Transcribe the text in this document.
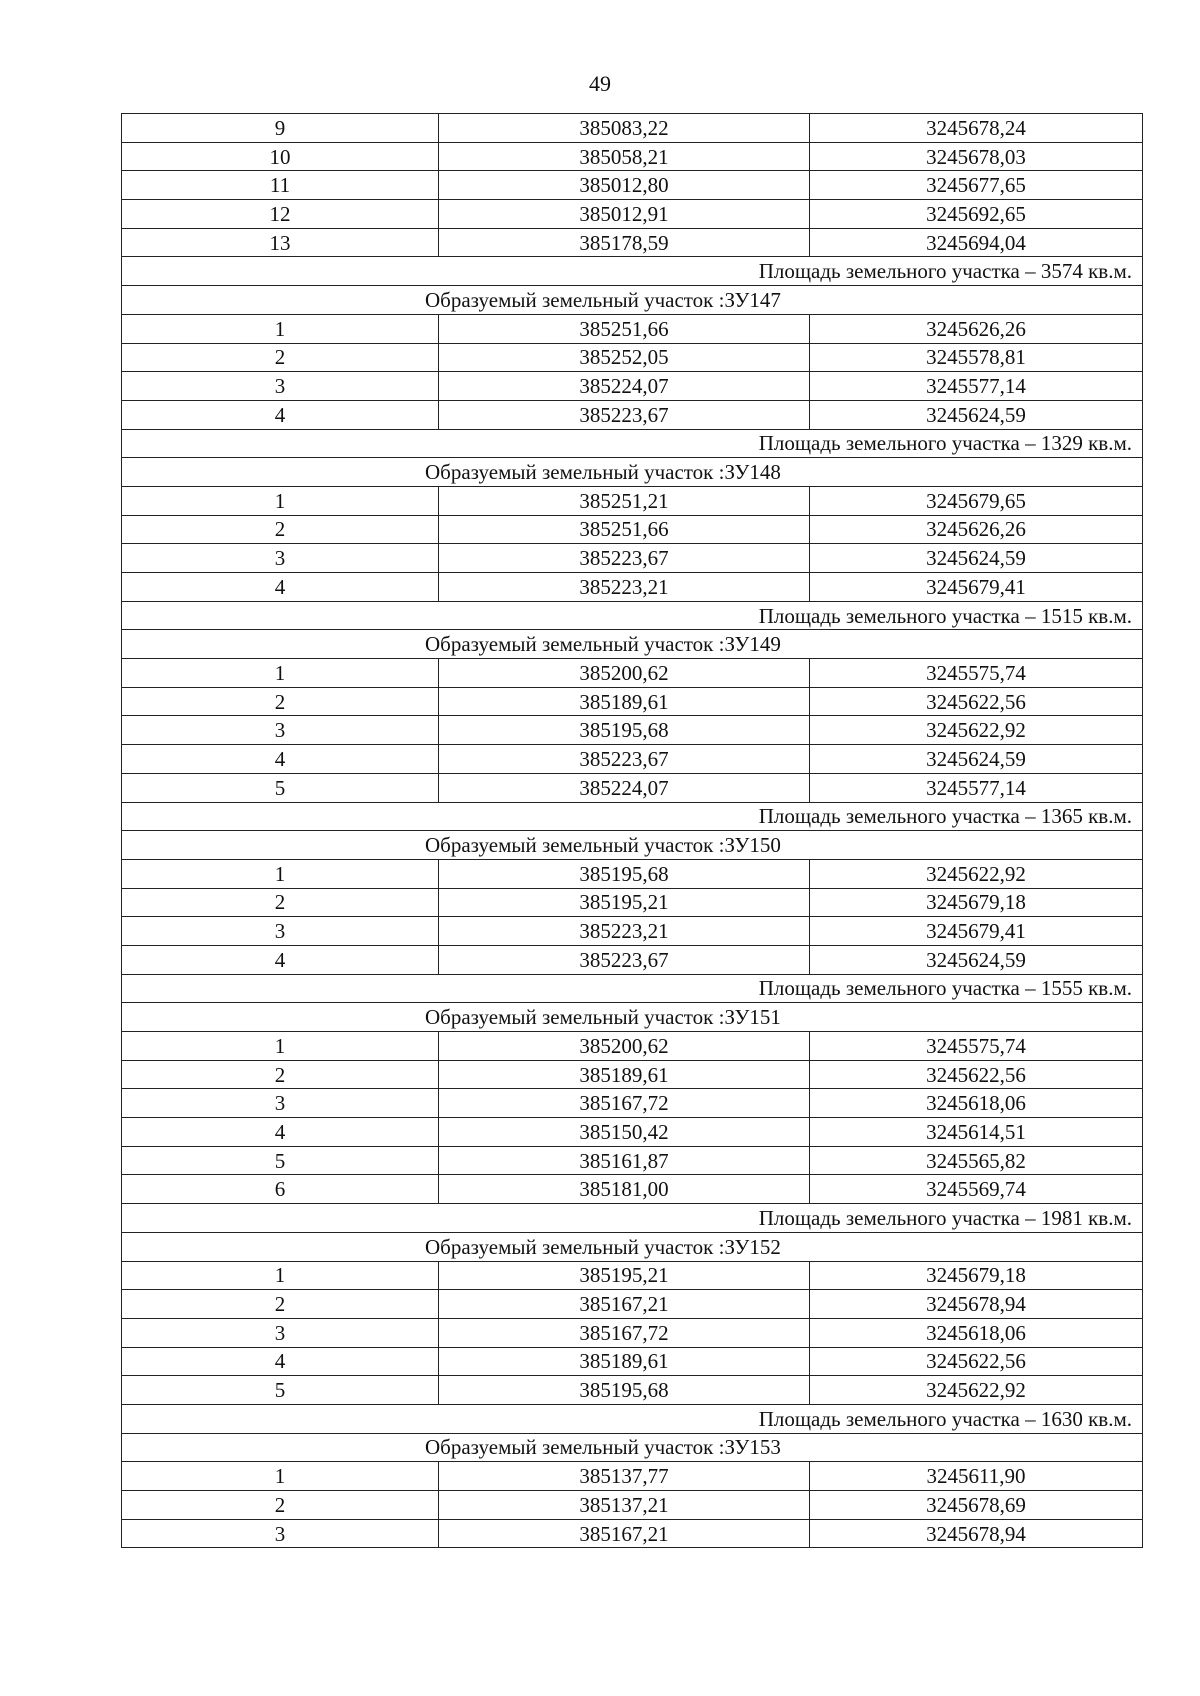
49
9	385083,22	3245678,24
10	385058,21	3245678,03
11	385012,80	3245677,65
12	385012,91	3245692,65
13	385178,59	3245694,04
Площадь земельного участка – 3574 кв.м.		
Образуемый земельный участок :ЗУ147		
1	385251,66	3245626,26
2	385252,05	3245578,81
3	385224,07	3245577,14
4	385223,67	3245624,59
Площадь земельного участка – 1329 кв.м.		
Образуемый земельный участок :ЗУ148		
1	385251,21	3245679,65
2	385251,66	3245626,26
3	385223,67	3245624,59
4	385223,21	3245679,41
Площадь земельного участка – 1515 кв.м.		
Образуемый земельный участок :ЗУ149		
1	385200,62	3245575,74
2	385189,61	3245622,56
3	385195,68	3245622,92
4	385223,67	3245624,59
5	385224,07	3245577,14
Площадь земельного участка – 1365 кв.м.		
Образуемый земельный участок :ЗУ150		
1	385195,68	3245622,92
2	385195,21	3245679,18
3	385223,21	3245679,41
4	385223,67	3245624,59
Площадь земельного участка – 1555 кв.м.		
Образуемый земельный участок :ЗУ151		
1	385200,62	3245575,74
2	385189,61	3245622,56
3	385167,72	3245618,06
4	385150,42	3245614,51
5	385161,87	3245565,82
6	385181,00	3245569,74
Площадь земельного участка – 1981 кв.м.		
Образуемый земельный участок :ЗУ152		
1	385195,21	3245679,18
2	385167,21	3245678,94
3	385167,72	3245618,06
4	385189,61	3245622,56
5	385195,68	3245622,92
Площадь земельного участка – 1630 кв.м.		
Образуемый земельный участок :ЗУ153		
1	385137,77	3245611,90
2	385137,21	3245678,69
3	385167,21	3245678,94
